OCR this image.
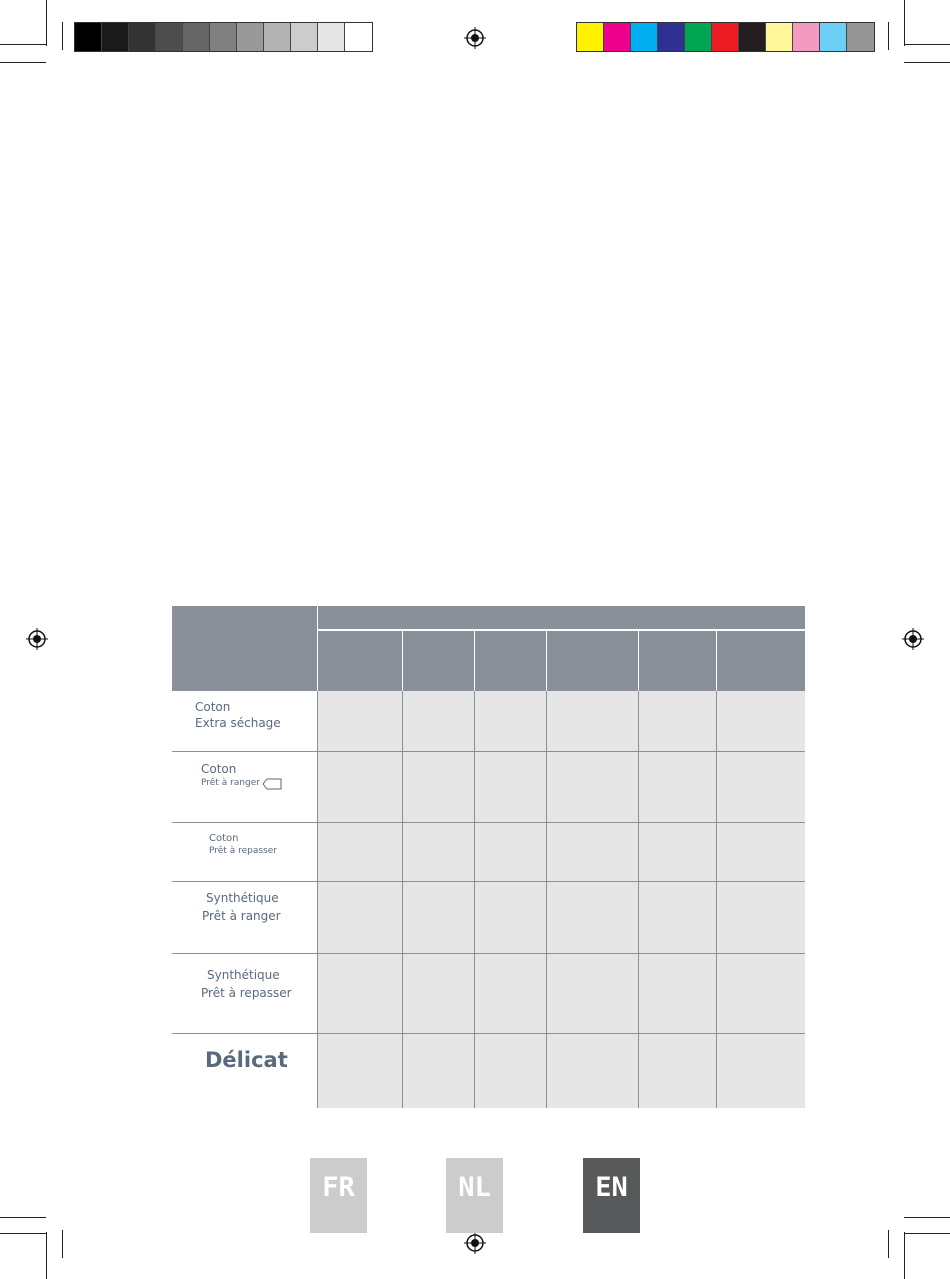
Coton
Extra séchage
Coton
Prêt à ranger
Coton
Prêt à repasser
Synthétique
Prêt à ranger
Synthétique
Prêt à repasser
Délicat
FR	NL	EN
